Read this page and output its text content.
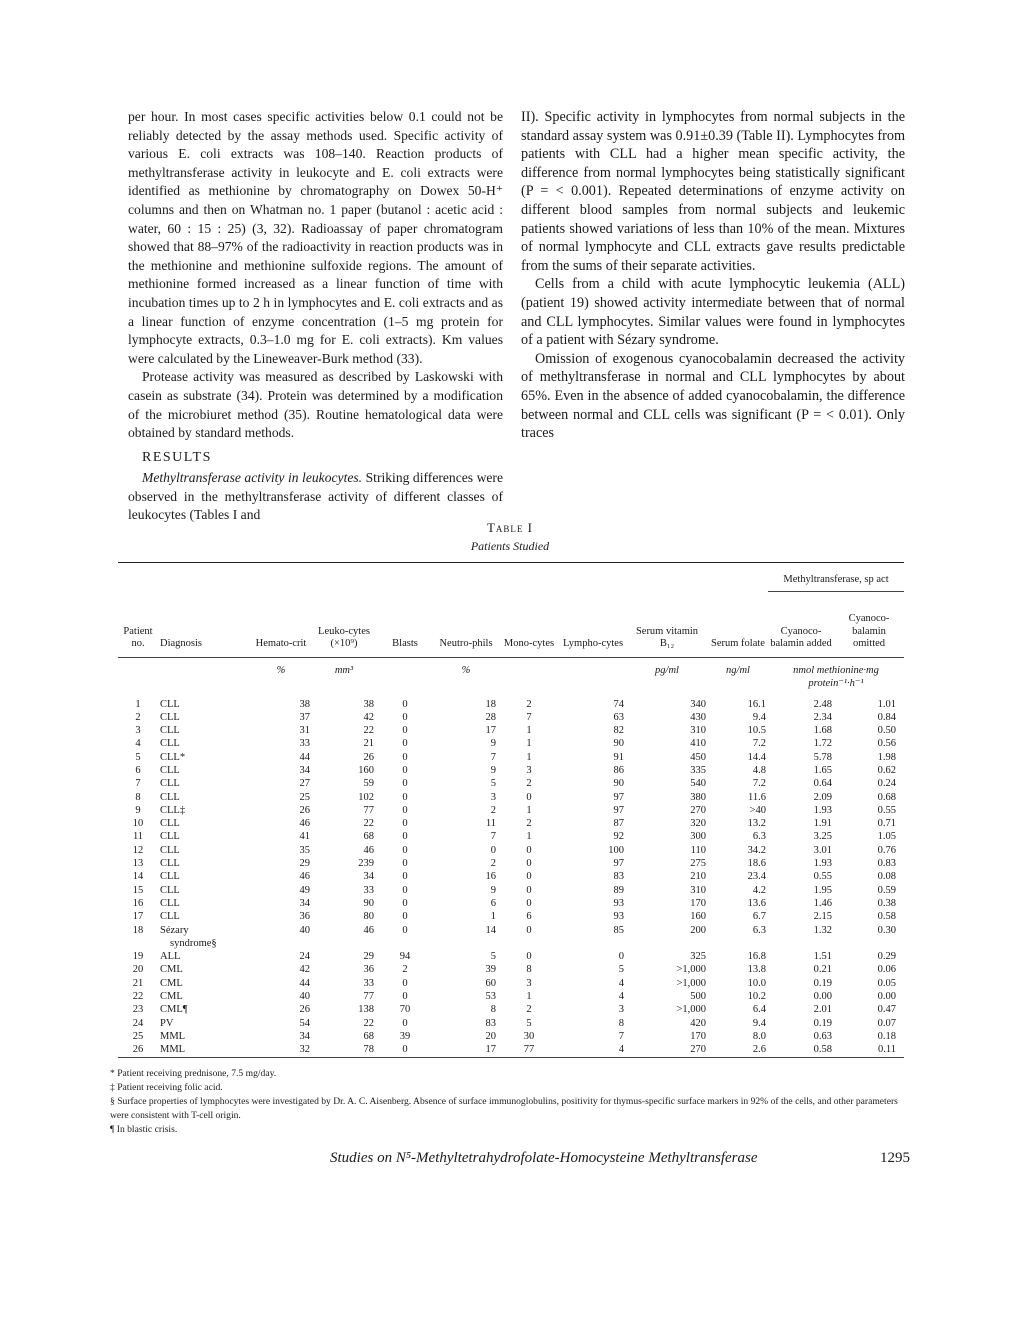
per hour. In most cases specific activities below 0.1 could not be reliably detected by the assay methods used. Specific activity of various E. coli extracts was 108–140. Reaction products of methyltransferase activity in leukocyte and E. coli extracts were identified as methionine by chromatography on Dowex 50-H⁺ columns and then on Whatman no. 1 paper (butanol : acetic acid : water, 60 : 15 : 25) (3, 32). Radioassay of paper chromatogram showed that 88–97% of the radioactivity in reaction products was in the methionine and methionine sulfoxide regions. The amount of methionine formed increased as a linear function of time with incubation times up to 2 h in lymphocytes and E. coli extracts and as a linear function of enzyme concentration (1–5 mg protein for lymphocyte extracts, 0.3–1.0 mg for E. coli extracts). Km values were calculated by the Lineweaver-Burk method (33).

Protease activity was measured as described by Laskowski with casein as substrate (34). Protein was determined by a modification of the microbiuret method (35). Routine hematological data were obtained by standard methods.

RESULTS

Methyltransferase activity in leukocytes. Striking differences were observed in the methyltransferase activity of different classes of leukocytes (Tables I and

II). Specific activity in lymphocytes from normal subjects in the standard assay system was 0.91±0.39 (Table II). Lymphocytes from patients with CLL had a higher mean specific activity, the difference from normal lymphocytes being statistically significant (P = < 0.001). Repeated determinations of enzyme activity on different blood samples from normal subjects and leukemic patients showed variations of less than 10% of the mean. Mixtures of normal lymphocyte and CLL extracts gave results predictable from the sums of their separate activities.

Cells from a child with acute lymphocytic leukemia (ALL) (patient 19) showed activity intermediate between that of normal and CLL lymphocytes. Similar values were found in lymphocytes of a patient with Sézary syndrome.

Omission of exogenous cyanocobalamin decreased the activity of methyltransferase in normal and CLL lymphocytes by about 65%. Even in the absence of added cyanocobalamin, the difference between normal and CLL cells was significant (P = < 0.01). Only traces

Table I
Patients Studied
										Methyltransferase, sp act	
Patient no.	Diagnosis	Hemato-crit	Leuko-cytes (×10⁹)	Blasts	Neutro-phils	Mono-cytes	Lympho-cytes	Serum vitamin B₁₂	Serum folate	Cyanoco-balamin added	Cyanoco-balamin omitted
		%	mm³		%			pg/ml	ng/ml	nmol methionine·mg protein⁻¹·h⁻¹	
1	CLL	38	38	0	18	2	74	340	16.1	2.48	1.01
2	CLL	37	42	0	28	7	63	430	9.4	2.34	0.84
3	CLL	31	22	0	17	1	82	310	10.5	1.68	0.50
4	CLL	33	21	0	9	1	90	410	7.2	1.72	0.56
5	CLL*	44	26	0	7	1	91	450	14.4	5.78	1.98
6	CLL	34	160	0	9	3	86	335	4.8	1.65	0.62
7	CLL	27	59	0	5	2	90	540	7.2	0.64	0.24
8	CLL	25	102	0	3	0	97	380	11.6	2.09	0.68
9	CLL‡	26	77	0	2	1	97	270	>40	1.93	0.55
10	CLL	46	22	0	11	2	87	320	13.2	1.91	0.71
11	CLL	41	68	0	7	1	92	300	6.3	3.25	1.05
12	CLL	35	46	0	0	0	100	110	34.2	3.01	0.76
13	CLL	29	239	0	2	0	97	275	18.6	1.93	0.83
14	CLL	46	34	0	16	0	83	210	23.4	0.55	0.08
15	CLL	49	33	0	9	0	89	310	4.2	1.95	0.59
16	CLL	34	90	0	6	0	93	170	13.6	1.46	0.38
17	CLL	36	80	0	1	6	93	160	6.7	2.15	0.58
18	Sézary
syndrome§	40	46	0	14	0	85	200	6.3	1.32	0.30
19	ALL	24	29	94	5	0	0	325	16.8	1.51	0.29
20	CML	42	36	2	39	8	5	>1,000	13.8	0.21	0.06
21	CML	44	33	0	60	3	4	>1,000	10.0	0.19	0.05
22	CML	40	77	0	53	1	4	500	10.2	0.00	0.00
23	CML¶	26	138	70	8	2	3	>1,000	6.4	2.01	0.47
24	PV	54	22	0	83	5	8	420	9.4	0.19	0.07
25	MML	34	68	39	20	30	7	170	8.0	0.63	0.18
26	MML	32	78	0	17	77	4	270	2.6	0.58	0.11
* Patient receiving prednisone, 7.5 mg/day.
‡ Patient receiving folic acid.
§ Surface properties of lymphocytes were investigated by Dr. A. C. Aisenberg. Absence of surface immunoglobulins, positivity for thymus-specific surface markers in 92% of the cells, and other parameters were consistent with T-cell origin.
¶ In blastic crisis.
Studies on N⁵-Methyltetrahydrofolate-Homocysteine Methyltransferase	1295
